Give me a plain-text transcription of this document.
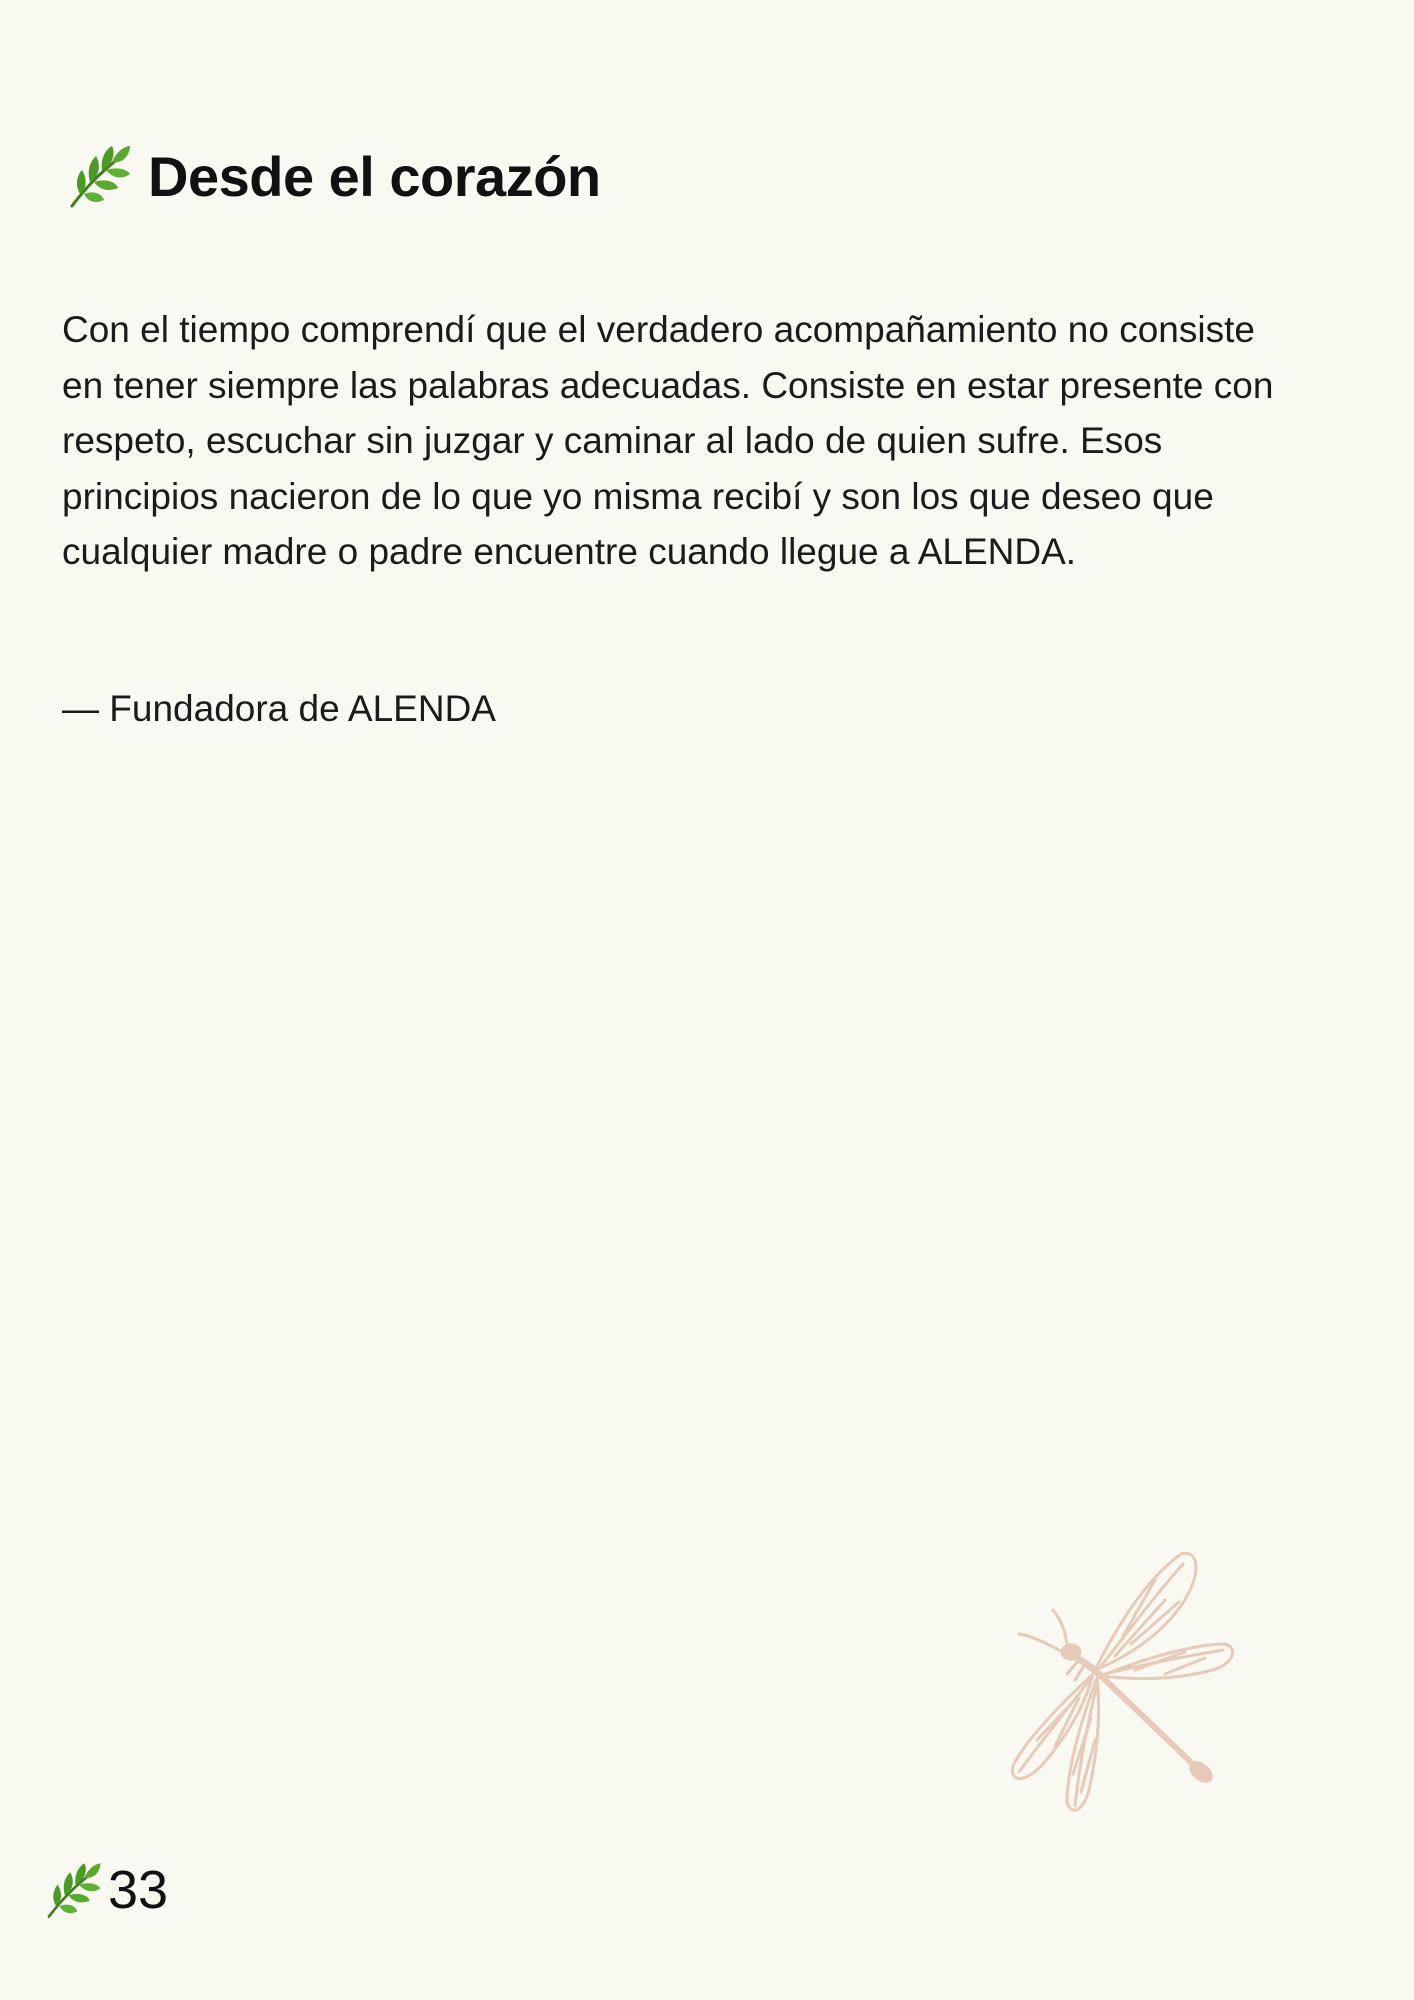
Desde el corazón

Con el tiempo comprendí que el verdadero acompañamiento no consiste en tener siempre las palabras adecuadas. Consiste en estar presente con respeto, escuchar sin juzgar y caminar al lado de quien sufre. Esos principios nacieron de lo que yo misma recibí y son los que deseo que cualquier madre o padre encuentre cuando llegue a ALENDA.

— Fundadora de ALENDA

33
